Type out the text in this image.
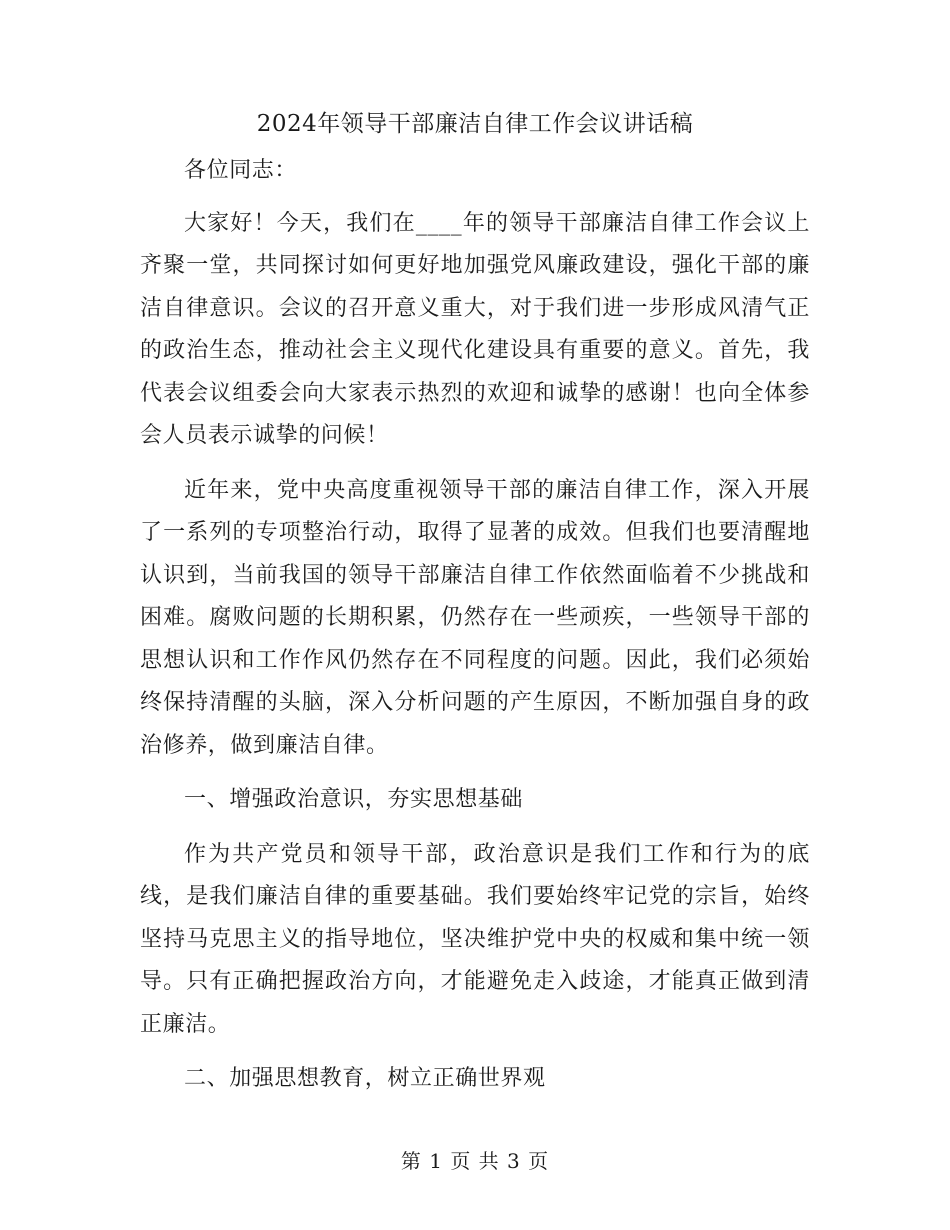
2024年领导干部廉洁自律工作会议讲话稿

各位同志：

大家好！今天，我们在____年的领导干部廉洁自律工作会议上齐聚一堂，共同探讨如何更好地加强党风廉政建设，强化干部的廉洁自律意识。会议的召开意义重大，对于我们进一步形成风清气正的政治生态，推动社会主义现代化建设具有重要的意义。首先，我代表会议组委会向大家表示热烈的欢迎和诚挚的感谢！也向全体参会人员表示诚挚的问候！

近年来，党中央高度重视领导干部的廉洁自律工作，深入开展了一系列的专项整治行动，取得了显著的成效。但我们也要清醒地认识到，当前我国的领导干部廉洁自律工作依然面临着不少挑战和困难。腐败问题的长期积累，仍然存在一些顽疾，一些领导干部的思想认识和工作作风仍然存在不同程度的问题。因此，我们必须始终保持清醒的头脑，深入分析问题的产生原因，不断加强自身的政治修养，做到廉洁自律。

一、增强政治意识，夯实思想基础

作为共产党员和领导干部，政治意识是我们工作和行为的底线，是我们廉洁自律的重要基础。我们要始终牢记党的宗旨，始终坚持马克思主义的指导地位，坚决维护党中央的权威和集中统一领导。只有正确把握政治方向，才能避免走入歧途，才能真正做到清正廉洁。

二、加强思想教育，树立正确世界观

第 1 页 共 3 页
